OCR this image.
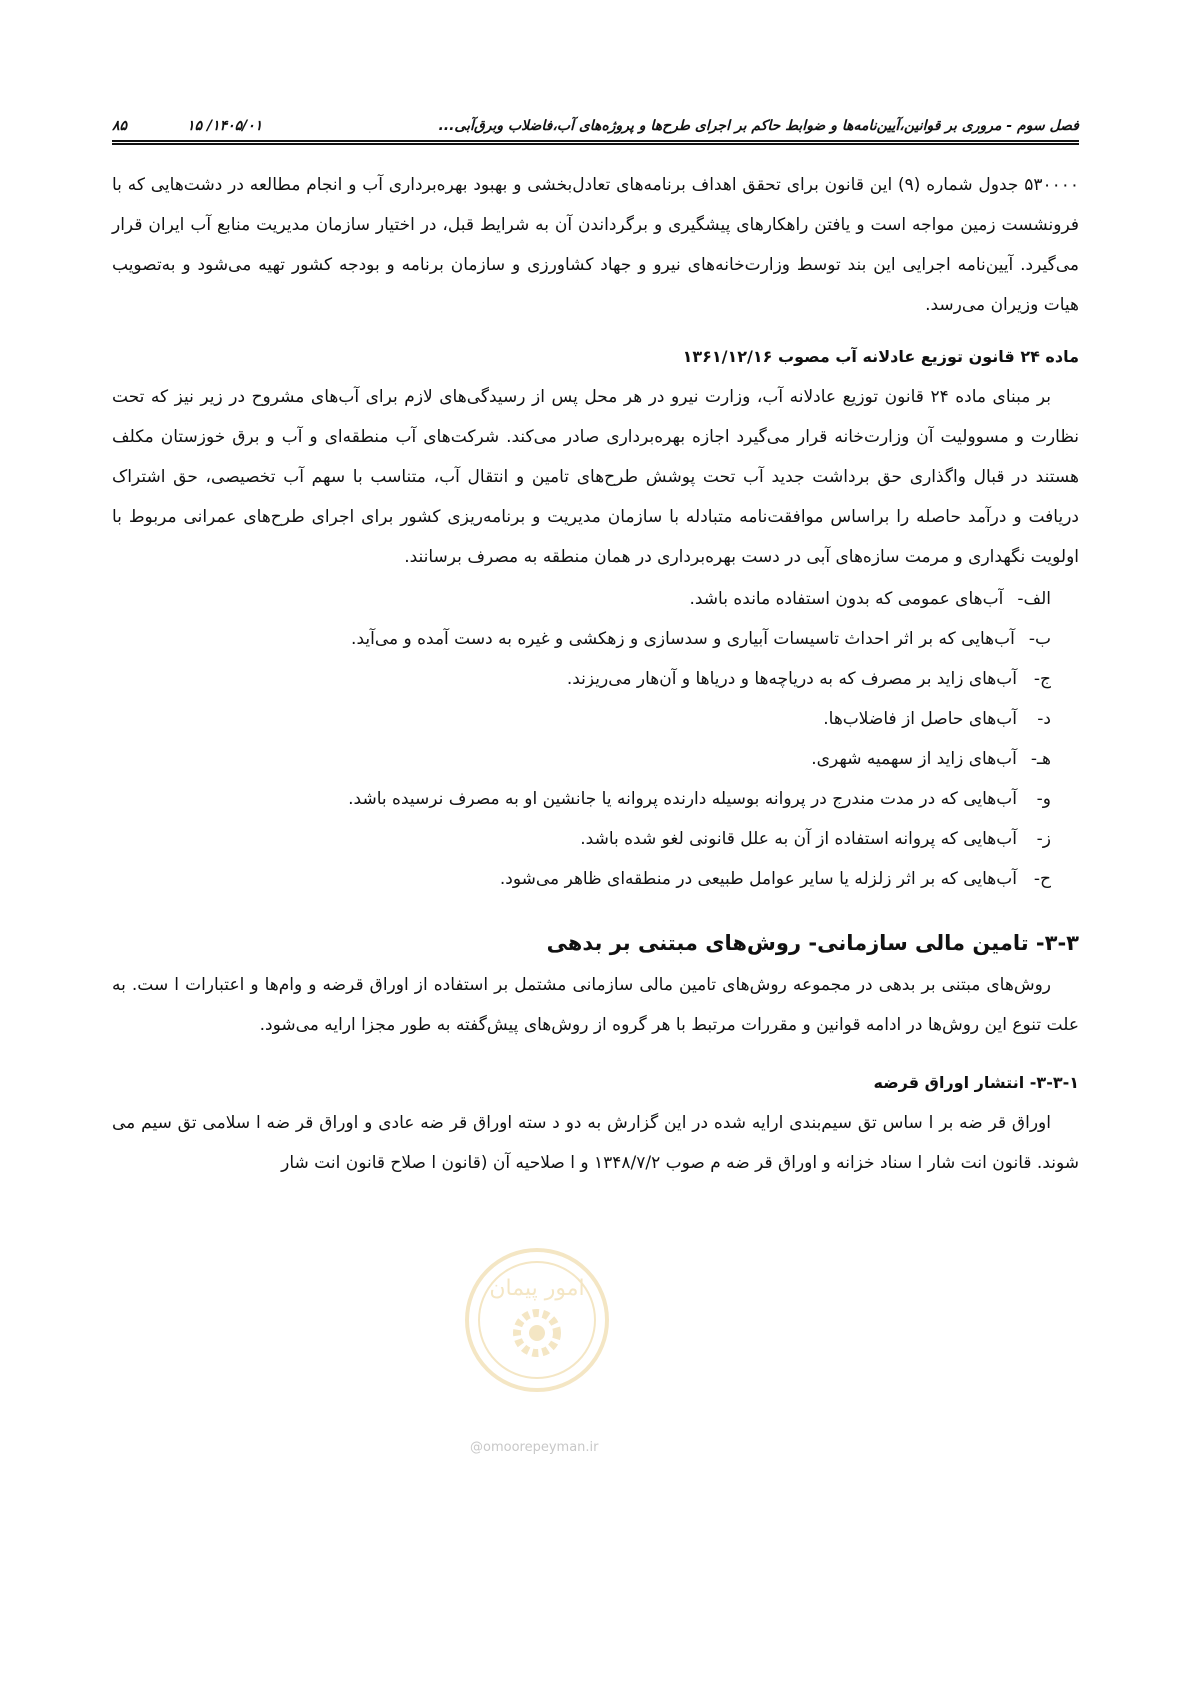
فصل سوم - مروری بر قوانین،آیین‌نامه‌ها و ضوابط حاکم بر اجرای طرح‌ها و پروژه‌های آب،فاضلاب وبرق‌آبی...
۸۵	۱۴۰۵/۰۱/ ۱۵

۵۳۰۰۰۰ جدول شماره (۹) این قانون برای تحقق اهداف برنامه‌های تعادل‌بخشی و بهبود بهره‌برداری آب و انجام مطالعه در دشت‌هایی که با فرونشست زمین مواجه است و یافتن راهکارهای پیشگیری و برگرداندن آن به شرایط قبل، در اختیار سازمان مدیریت منابع آب ایران قرار می‌گیرد. آیین‌نامه اجرایی این بند توسط وزارت‌خانه‌های نیرو و جهاد کشاورزی و سازمان برنامه و بودجه کشور تهیه می‌شود و به‌تصویب هیات وزیران می‌رسد.

ماده ۲۴ قانون توزیع عادلانه آب مصوب ۱۳۶۱/۱۲/۱۶

بر مبنای ماده ۲۴ قانون توزیع عادلانه آب، وزارت نیرو در هر محل پس از رسیدگی‌های لازم برای آب‌های مشروح در زیر نیز که تحت نظارت و مسوولیت آن وزارت‌خانه قرار می‌گیرد اجازه بهره‌برداری صادر می‌کند. شرکت‌های آب منطقه‌ای و آب و برق خوزستان مکلف هستند در قبال واگذاری حق برداشت جدید آب تحت پوشش طرح‌های تامین و انتقال آب، متناسب با سهم آب تخصیصی، حق اشتراک دریافت و درآمد حاصله را براساس موافقت‌نامه متبادله با سازمان مدیریت و برنامه‌ریزی کشور برای اجرای طرح‌های عمرانی مربوط با اولویت نگهداری و مرمت سازه‌های آبی در دست بهره‌برداری در همان منطقه به مصرف برسانند.

الف-
آب‌های عمومی که بدون استفاده مانده باشد.
ب-
آب‌هایی که بر اثر احداث تاسیسات آبیاری و سدسازی و زهکشی و غیره به دست آمده و می‌آید.
ج-
آب‌های زاید بر مصرف که به دریاچه‌ها و دریاها و آن‌هار می‌ریزند.
د-
آب‌های حاصل از فاضلاب‌ها.
هـ-
آب‌های زاید از سهمیه شهری.
و-
آب‌هایی که در مدت مندرج در پروانه بوسیله دارنده پروانه یا جانشین او به مصرف نرسیده باشد.
ز-
آب‌هایی که پروانه استفاده از آن به علل قانونی لغو شده باشد.
ح-
آب‌هایی که بر اثر زلزله یا سایر عوامل طبیعی در منطقه‌ای ظاهر می‌شود.
۳-۳- تامین مالی سازمانی- روش‌های مبتنی بر بدهی

روش‌های مبتنی بر بدهی در مجموعه روش‌های تامین مالی سازمانی مشتمل بر استفاده از اوراق قرضه و وام‌ها و اعتبارات ا ست. به علت تنوع این روش‌ها در ادامه قوانین و مقررات مرتبط با هر گروه از روش‌های پیش‌گفته به طور مجزا ارایه می‌شود.

۳-۳-۱- انتشار اوراق قرضه

اوراق قر ضه بر ا ساس تق سیم‌بندی ارایه شده در این گزارش به دو د سته اوراق قر ضه عادی و اوراق قر ضه ا سلامی تق سیم می شوند. قانون انت شار ا سناد خزانه و اوراق قر ضه م صوب ۱۳۴۸/۷/۲ و ا صلاحیه آن (قانون ا صلاح قانون انت شار

امور پیمان
@omoorepeyman.ir
